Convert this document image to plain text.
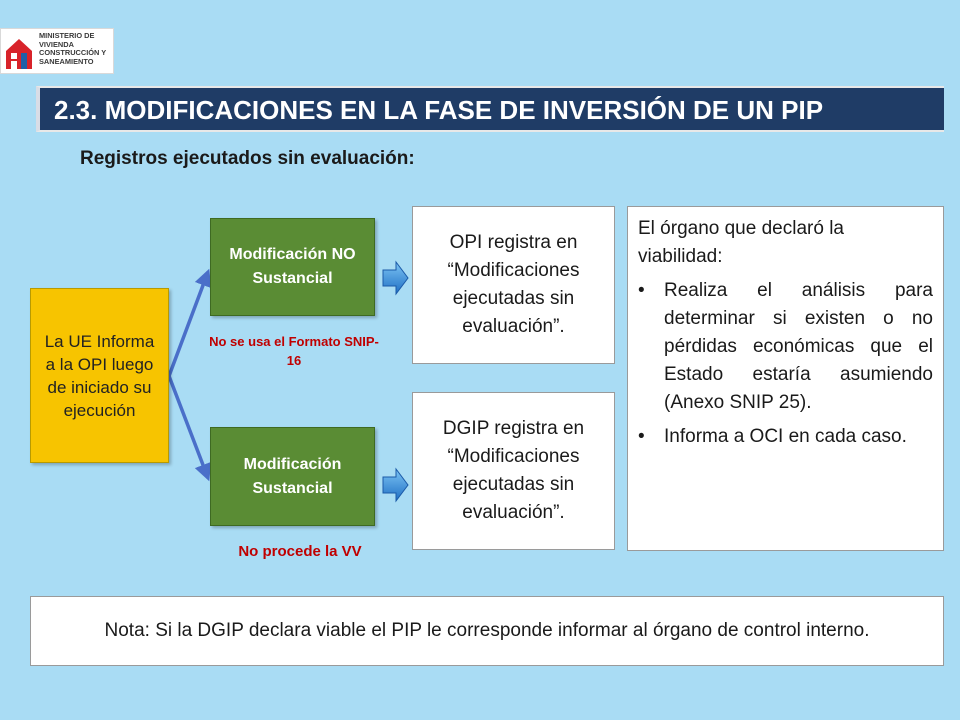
MINISTERIO DE
VIVIENDA
CONSTRUCCIÓN Y
SANEAMIENTO
2.3. MODIFICACIONES EN LA FASE DE INVERSIÓN DE UN PIP
Registros ejecutados sin evaluación:
La UE Informa a la OPI luego de iniciado su ejecución
Modificación NO Sustancial
No se usa el Formato SNIP-16
Modificación Sustancial
No procede la VV
OPI registra en “Modificaciones ejecutadas sin evaluación”.
DGIP registra en “Modificaciones ejecutadas sin evaluación”.

El órgano que declaró la viabilidad:

•	Realiza el análisis para determinar si existen o no pérdidas económicas que el Estado estaría asumiendo (Anexo SNIP 25).
•	Informa a OCI en cada caso.
Nota: Si la DGIP declara viable el PIP le corresponde informar al órgano de control interno.
